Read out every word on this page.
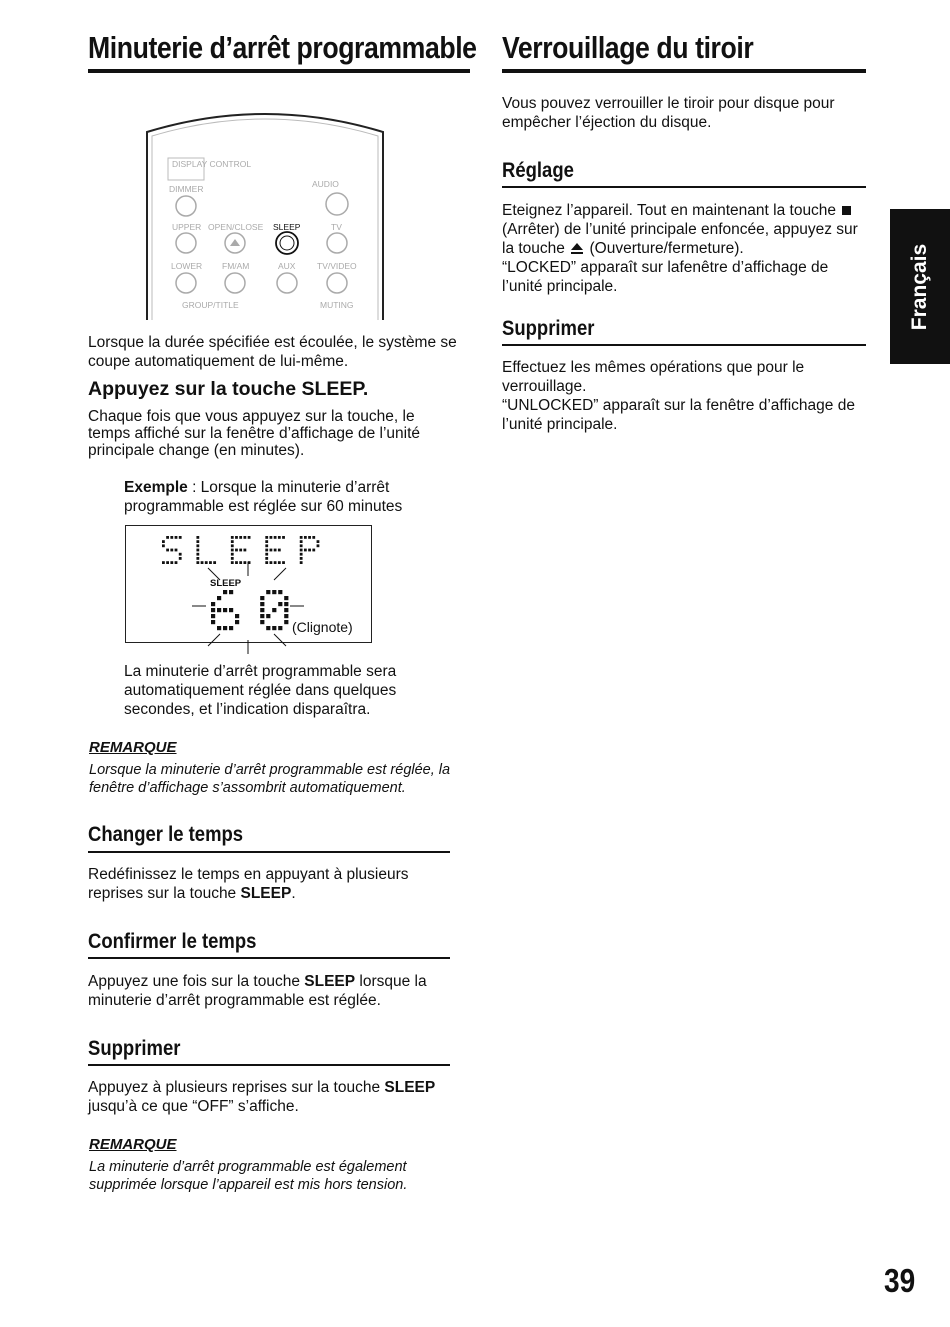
Minuterie d’arrêt programmable
DISPLAY CONTROL
DIMMER	AUDIO
UPPER OPEN/CLOSE SLEEP	TV
LOWER FM/AM	AUX	TV/VIDEO
GROUP/TITLE	MUTING
Lorsque la durée spécifiée est écoulée, le système se coupe automatiquement de lui-même.
Appuyez sur la touche SLEEP.
Chaque fois que vous appuyez sur la touche, le temps affiché sur la fenêtre d’affichage de l’unité principale change (en minutes).
Exemple : Lorsque la minuterie d’arrêt programmable est réglée sur 60 minutes
SLEEP
(Clignote)
La minuterie d’arrêt programmable sera automatiquement réglée dans quelques secondes, et l’indication disparaîtra.
REMARQUE
Lorsque la minuterie d’arrêt programmable est réglée, la fenêtre d’affichage s’assombrit automatiquement.
Changer le temps
Redéfinissez le temps en appuyant à plusieurs reprises sur la touche SLEEP.
Confirmer le temps
Appuyez une fois sur la touche SLEEP lorsque la minuterie d’arrêt programmable est réglée.
Supprimer
Appuyez à plusieurs reprises sur la touche SLEEP jusqu’à ce que “OFF” s’affiche.
REMARQUE
La minuterie d’arrêt programmable est également supprimée lorsque l’appareil est mis hors tension.
Verrouillage du tiroir
Vous pouvez verrouiller le tiroir pour disque pour empêcher l’éjection du disque.
Réglage
Eteignez l’appareil. Tout en maintenant la touche  (Arrêter) de l’unité principale enfoncée, appuyez sur la touche  (Ouverture/fermeture).
“LOCKED” apparaît sur lafenêtre d’affichage de l’unité principale.
Supprimer
Effectuez les mêmes opérations que pour le verrouillage.
“UNLOCKED” apparaît sur la fenêtre d’affichage de l’unité principale.
Français
39
